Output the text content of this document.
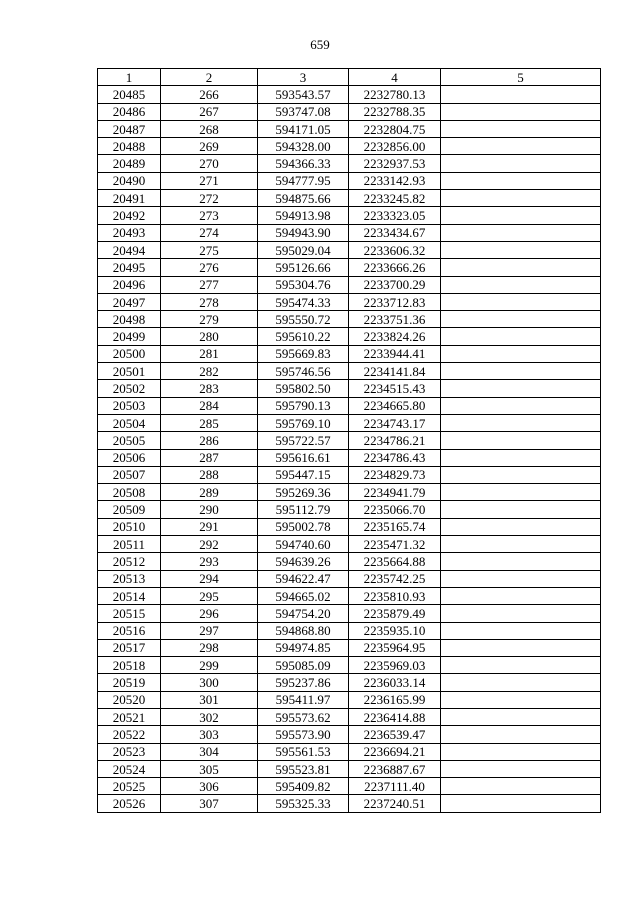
659
1	2	3	4	5
20485	266	593543.57	2232780.13	
20486	267	593747.08	2232788.35	
20487	268	594171.05	2232804.75	
20488	269	594328.00	2232856.00	
20489	270	594366.33	2232937.53	
20490	271	594777.95	2233142.93	
20491	272	594875.66	2233245.82	
20492	273	594913.98	2233323.05	
20493	274	594943.90	2233434.67	
20494	275	595029.04	2233606.32	
20495	276	595126.66	2233666.26	
20496	277	595304.76	2233700.29	
20497	278	595474.33	2233712.83	
20498	279	595550.72	2233751.36	
20499	280	595610.22	2233824.26	
20500	281	595669.83	2233944.41	
20501	282	595746.56	2234141.84	
20502	283	595802.50	2234515.43	
20503	284	595790.13	2234665.80	
20504	285	595769.10	2234743.17	
20505	286	595722.57	2234786.21	
20506	287	595616.61	2234786.43	
20507	288	595447.15	2234829.73	
20508	289	595269.36	2234941.79	
20509	290	595112.79	2235066.70	
20510	291	595002.78	2235165.74	
20511	292	594740.60	2235471.32	
20512	293	594639.26	2235664.88	
20513	294	594622.47	2235742.25	
20514	295	594665.02	2235810.93	
20515	296	594754.20	2235879.49	
20516	297	594868.80	2235935.10	
20517	298	594974.85	2235964.95	
20518	299	595085.09	2235969.03	
20519	300	595237.86	2236033.14	
20520	301	595411.97	2236165.99	
20521	302	595573.62	2236414.88	
20522	303	595573.90	2236539.47	
20523	304	595561.53	2236694.21	
20524	305	595523.81	2236887.67	
20525	306	595409.82	2237111.40	
20526	307	595325.33	2237240.51	
